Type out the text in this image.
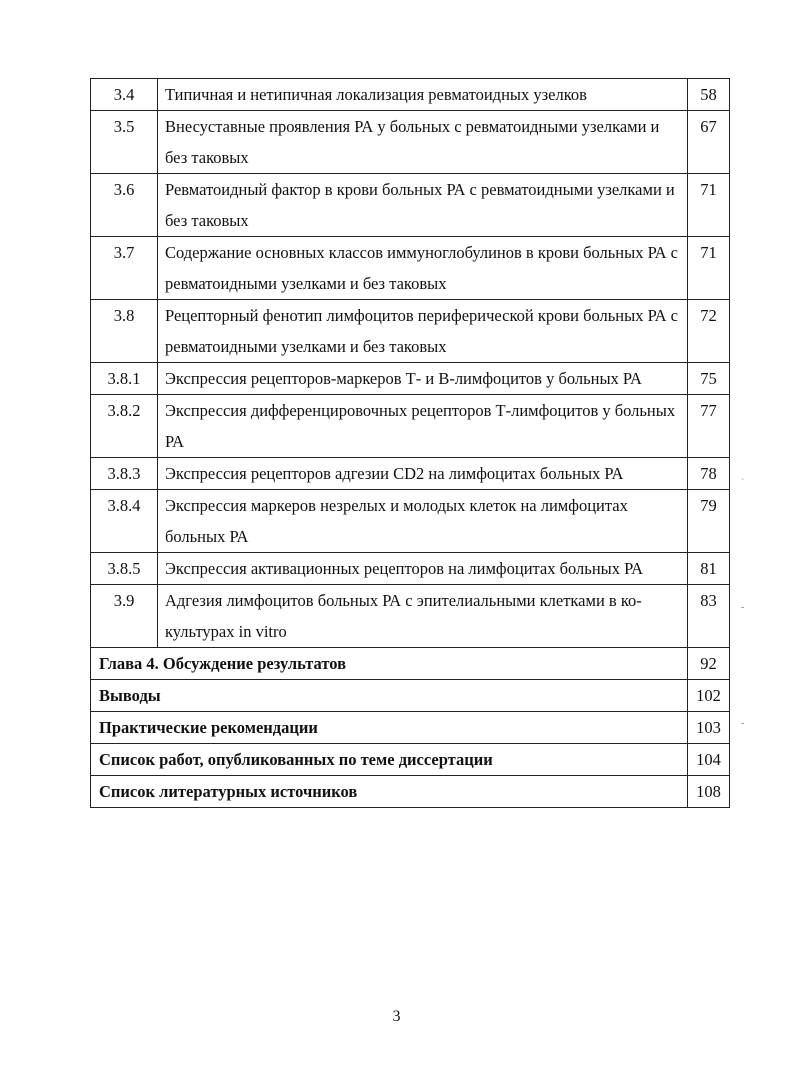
3.4	Типичная и нетипичная локализация ревматоидных узелков	58
3.5	Внесуставные проявления РА у больных с ревматоидными узелками и без таковых	67
3.6	Ревматоидный фактор в крови больных РА с ревматоидными узелками и без таковых	71
3.7	Содержание основных классов иммуноглобулинов в крови больных РА с ревматоидными узелками и без таковых	71
3.8	Рецепторный фенотип лимфоцитов периферической крови больных РА с ревматоидными узелками и без таковых	72
3.8.1	Экспрессия рецепторов-маркеров Т- и В-лимфоцитов у больных РА	75
3.8.2	Экспрессия дифференцировочных рецепторов Т-лимфоцитов у больных РА	77
3.8.3	Экспрессия рецепторов адгезии CD2 на лимфоцитах больных РА	78
3.8.4	Экспрессия маркеров незрелых и молодых клеток на лимфоцитах больных РА	79
3.8.5	Экспрессия активационных рецепторов на лимфоцитах больных РА	81
3.9	Адгезия лимфоцитов больных РА с эпителиальными клетками в ко-культурах in vitro	83
Глава 4. Обсуждение результатов		92
Выводы		102
Практические рекомендации		103
Список работ, опубликованных по теме диссертации		104
Список литературных источников		108
ˋ
-
-
3
